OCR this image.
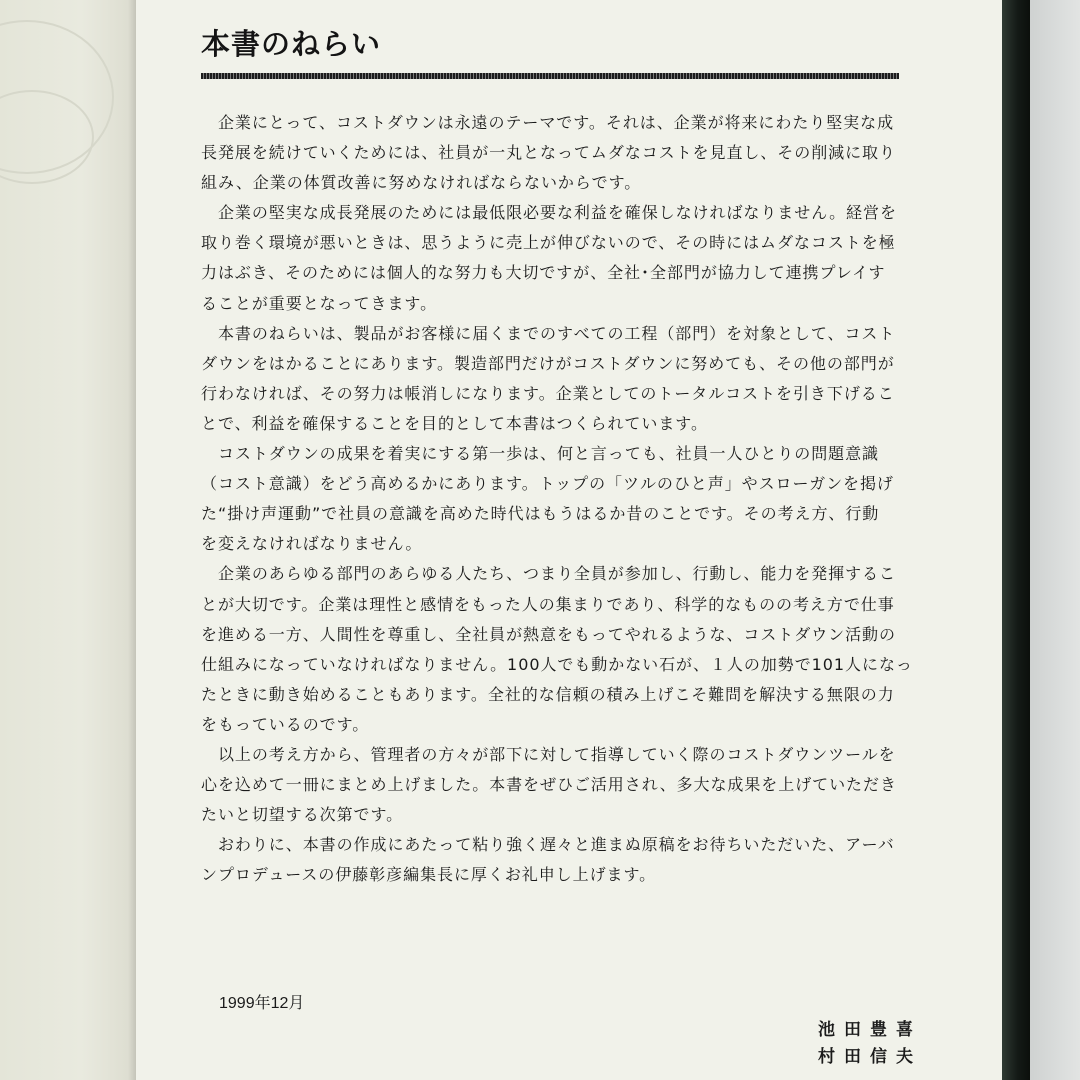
本書のねらい
　企業にとって、コストダウンは永遠のテーマです。それは、企業が将来にわたり堅実な成
長発展を続けていくためには、社員が一丸となってムダなコストを見直し、その削減に取り
組み、企業の体質改善に努めなければならないからです。
　企業の堅実な成長発展のためには最低限必要な利益を確保しなければなりません。経営を
取り巻く環境が悪いときは、思うように売上が伸びないので、その時にはムダなコストを極
力はぶき、そのためには個人的な努力も大切ですが、全社･全部門が協力して連携プレイす
ることが重要となってきます。
　本書のねらいは、製品がお客様に届くまでのすべての工程（部門）を対象として、コスト
ダウンをはかることにあります。製造部門だけがコストダウンに努めても、その他の部門が
行わなければ、その努力は帳消しになります。企業としてのトータルコストを引き下げるこ
とで、利益を確保することを目的として本書はつくられています。
　コストダウンの成果を着実にする第一歩は、何と言っても、社員一人ひとりの問題意識
（コスト意識）をどう高めるかにあります。トップの「ツルのひと声」やスローガンを掲げ
た“掛け声運動”で社員の意識を高めた時代はもうはるか昔のことです。その考え方、行動
を変えなければなりません。
　企業のあらゆる部門のあらゆる人たち、つまり全員が参加し、行動し、能力を発揮するこ
とが大切です。企業は理性と感情をもった人の集まりであり、科学的なものの考え方で仕事
を進める一方、人間性を尊重し、全社員が熱意をもってやれるような、コストダウン活動の
仕組みになっていなければなりません。100人でも動かない石が、１人の加勢で101人になっ
たときに動き始めることもあります。全社的な信頼の積み上げこそ難問を解決する無限の力
をもっているのです。
　以上の考え方から、管理者の方々が部下に対して指導していく際のコストダウンツールを
心を込めて一冊にまとめ上げました。本書をぜひご活用され、多大な成果を上げていただき
たいと切望する次第です。
　おわりに、本書の作成にあたって粘り強く遅々と進まぬ原稿をお待ちいただいた、アーバ
ンプロデュースの伊藤彰彦編集長に厚くお礼申し上げます。
1999年12月
池田豊喜
村田信夫
